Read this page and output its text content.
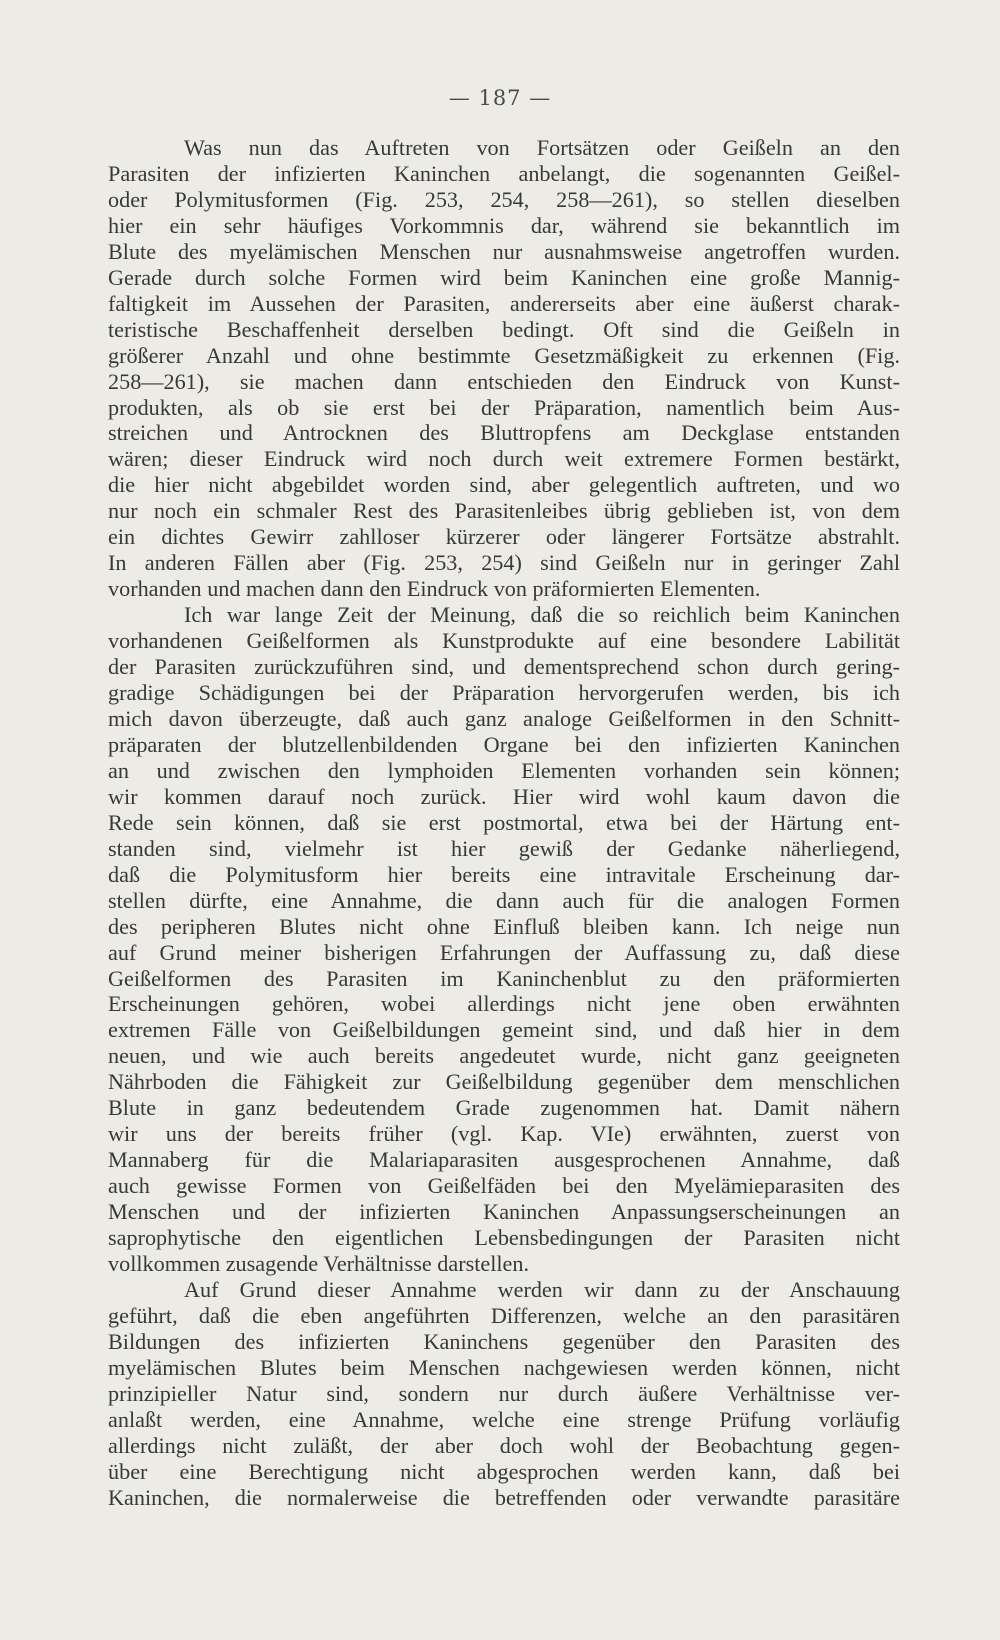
— 187 —
Was nun das Auftreten von Fortsätzen oder Geißeln an den
Parasiten der infizierten Kaninchen anbelangt, die sogenannten Geißel-
oder Polymitusformen (Fig. 253, 254, 258—261), so stellen dieselben
hier ein sehr häufiges Vorkommnis dar, während sie bekanntlich im
Blute des myelämischen Menschen nur ausnahmsweise angetroffen wurden.
Gerade durch solche Formen wird beim Kaninchen eine große Mannig-
faltigkeit im Aussehen der Parasiten, andererseits aber eine äußerst charak-
teristische Beschaffenheit derselben bedingt. Oft sind die Geißeln in
größerer Anzahl und ohne bestimmte Gesetzmäßigkeit zu erkennen (Fig.
258—261), sie machen dann entschieden den Eindruck von Kunst-
produkten, als ob sie erst bei der Präparation, namentlich beim Aus-
streichen und Antrocknen des Bluttropfens am Deckglase entstanden
wären; dieser Eindruck wird noch durch weit extremere Formen bestärkt,
die hier nicht abgebildet worden sind, aber gelegentlich auftreten, und wo
nur noch ein schmaler Rest des Parasitenleibes übrig geblieben ist, von dem
ein dichtes Gewirr zahlloser kürzerer oder längerer Fortsätze abstrahlt.
In anderen Fällen aber (Fig. 253, 254) sind Geißeln nur in geringer Zahl
vorhanden und machen dann den Eindruck von präformierten Elementen.
Ich war lange Zeit der Meinung, daß die so reichlich beim Kaninchen
vorhandenen Geißelformen als Kunstprodukte auf eine besondere Labilität
der Parasiten zurückzuführen sind, und dementsprechend schon durch gering-
gradige Schädigungen bei der Präparation hervorgerufen werden, bis ich
mich davon überzeugte, daß auch ganz analoge Geißelformen in den Schnitt-
präparaten der blutzellenbildenden Organe bei den infizierten Kaninchen
an und zwischen den lymphoiden Elementen vorhanden sein können;
wir kommen darauf noch zurück. Hier wird wohl kaum davon die
Rede sein können, daß sie erst postmortal, etwa bei der Härtung ent-
standen sind, vielmehr ist hier gewiß der Gedanke näherliegend,
daß die Polymitusform hier bereits eine intravitale Erscheinung dar-
stellen dürfte, eine Annahme, die dann auch für die analogen Formen
des peripheren Blutes nicht ohne Einfluß bleiben kann. Ich neige nun
auf Grund meiner bisherigen Erfahrungen der Auffassung zu, daß diese
Geißelformen des Parasiten im Kaninchenblut zu den präformierten
Erscheinungen gehören, wobei allerdings nicht jene oben erwähnten
extremen Fälle von Geißelbildungen gemeint sind, und daß hier in dem
neuen, und wie auch bereits angedeutet wurde, nicht ganz geeigneten
Nährboden die Fähigkeit zur Geißelbildung gegenüber dem menschlichen
Blute in ganz bedeutendem Grade zugenommen hat. Damit nähern
wir uns der bereits früher (vgl. Kap. VIe) erwähnten, zuerst von
Mannaberg für die Malariaparasiten ausgesprochenen Annahme, daß
auch gewisse Formen von Geißelfäden bei den Myelämieparasiten des
Menschen und der infizierten Kaninchen Anpassungserscheinungen an
saprophytische den eigentlichen Lebensbedingungen der Parasiten nicht
vollkommen zusagende Verhältnisse darstellen.
Auf Grund dieser Annahme werden wir dann zu der Anschauung
geführt, daß die eben angeführten Differenzen, welche an den parasitären
Bildungen des infizierten Kaninchens gegenüber den Parasiten des
myelämischen Blutes beim Menschen nachgewiesen werden können, nicht
prinzipieller Natur sind, sondern nur durch äußere Verhältnisse ver-
anlaßt werden, eine Annahme, welche eine strenge Prüfung vorläufig
allerdings nicht zuläßt, der aber doch wohl der Beobachtung gegen-
über eine Berechtigung nicht abgesprochen werden kann, daß bei
Kaninchen, die normalerweise die betreffenden oder verwandte parasitäre
